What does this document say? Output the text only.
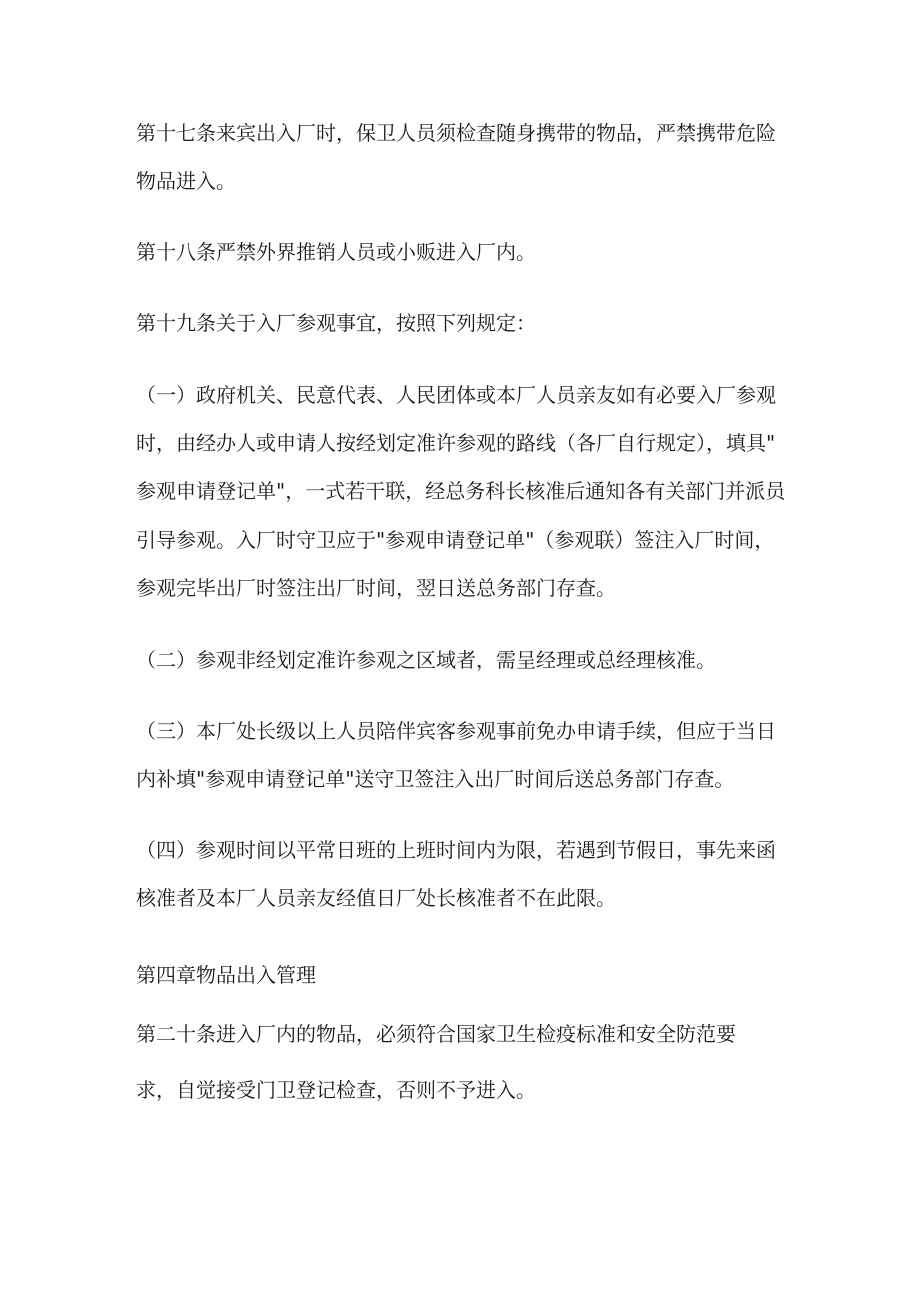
第十七条来宾出入厂时，保卫人员须检查随身携带的物品，严禁携带危险
物品进入。
第十八条严禁外界推销人员或小贩进入厂内。
第十九条关于入厂参观事宜，按照下列规定：
（一）政府机关、民意代表、人民团体或本厂人员亲友如有必要入厂参观
时，由经办人或申请人按经划定准许参观的路线（各厂自行规定），填具"
参观申请登记单"，一式若干联，经总务科长核准后通知各有关部门并派员
引导参观。入厂时守卫应于"参观申请登记单"（参观联）签注入厂时间，
参观完毕出厂时签注出厂时间，翌日送总务部门存查。
（二）参观非经划定准许参观之区域者，需呈经理或总经理核准。
（三）本厂处长级以上人员陪伴宾客参观事前免办申请手续，但应于当日
内补填"参观申请登记单"送守卫签注入出厂时间后送总务部门存查。
（四）参观时间以平常日班的上班时间内为限，若遇到节假日，事先来函
核准者及本厂人员亲友经值日厂处长核准者不在此限。
第四章物品出入管理
第二十条进入厂内的物品，必须符合国家卫生检疫标准和安全防范要
求，自觉接受门卫登记检查，否则不予进入。
